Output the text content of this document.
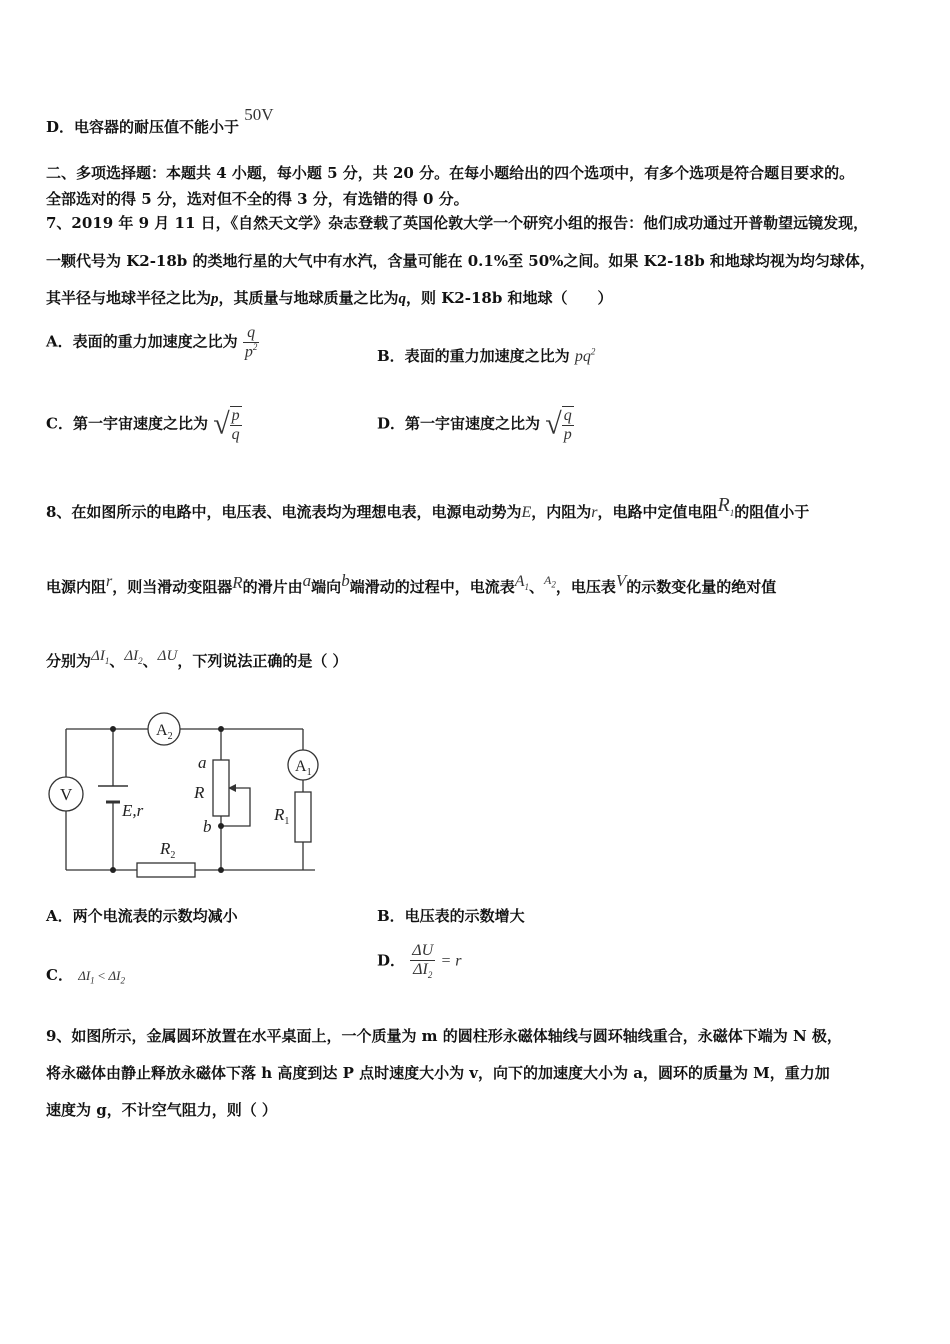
D．电容器的耐压值不能小于 50V
二、多项选择题：本题共 4 小题，每小题 5 分，共 20 分。在每小题给出的四个选项中，有多个选项是符合题目要求的。
全部选对的得 5 分，选对但不全的得 3 分，有选错的得 0 分。
7、2019 年 9 月 11 日，《自然天文学》杂志登载了英国伦敦大学一个研究小组的报告：他们成功通过开普勒望远镜发现，
一颗代号为 K2-18b 的类地行星的大气中有水汽，含量可能在 0.1%至 50%之间。如果 K2-18b 和地球均视为均匀球体，
其半径与地球半径之比为p，其质量与地球质量之比为q，则 K2-18b 和地球（　　）
A．表面的重力加速度之比为 $\frac{q}{p^2}$	B．表面的重力加速度之比为 $pq^2$
C．第一宇宙速度之比为 √ $\frac{p}{q}$	D．第一宇宙速度之比为 √ $\frac{q}{p}$
8、在如图所示的电路中，电压表、电流表均为理想电表，电源电动势为E，内阻为r，电路中定值电阻$R_1$的阻值小于
电源内阻r，则当滑动变阻器R的滑片由a端向b端滑动的过程中，电流表$A_1$、$^{A_2}$，电压表V的示数变化量的绝对值
分别为$\Delta I_1$、$\Delta I_2$、ΔU，下列说法正确的是（ ）
V
$A_2$
$A_1$
E,r
a
R
b
$R_1$
$R_2$
A．两个电流表的示数均减小	B．电压表的示数增大
C． $\Delta I_1 < \Delta I_2$
D． $\frac{\Delta U}{\Delta I_2} = r$
9、如图所示，金属圆环放置在水平桌面上，一个质量为 m 的圆柱形永磁体轴线与圆环轴线重合，永磁体下端为 N 极，
将永磁体由静止释放永磁体下落 h 高度到达 P 点时速度大小为 v，向下的加速度大小为 a，圆环的质量为 M，重力加
速度为 g，不计空气阻力，则（ ）
